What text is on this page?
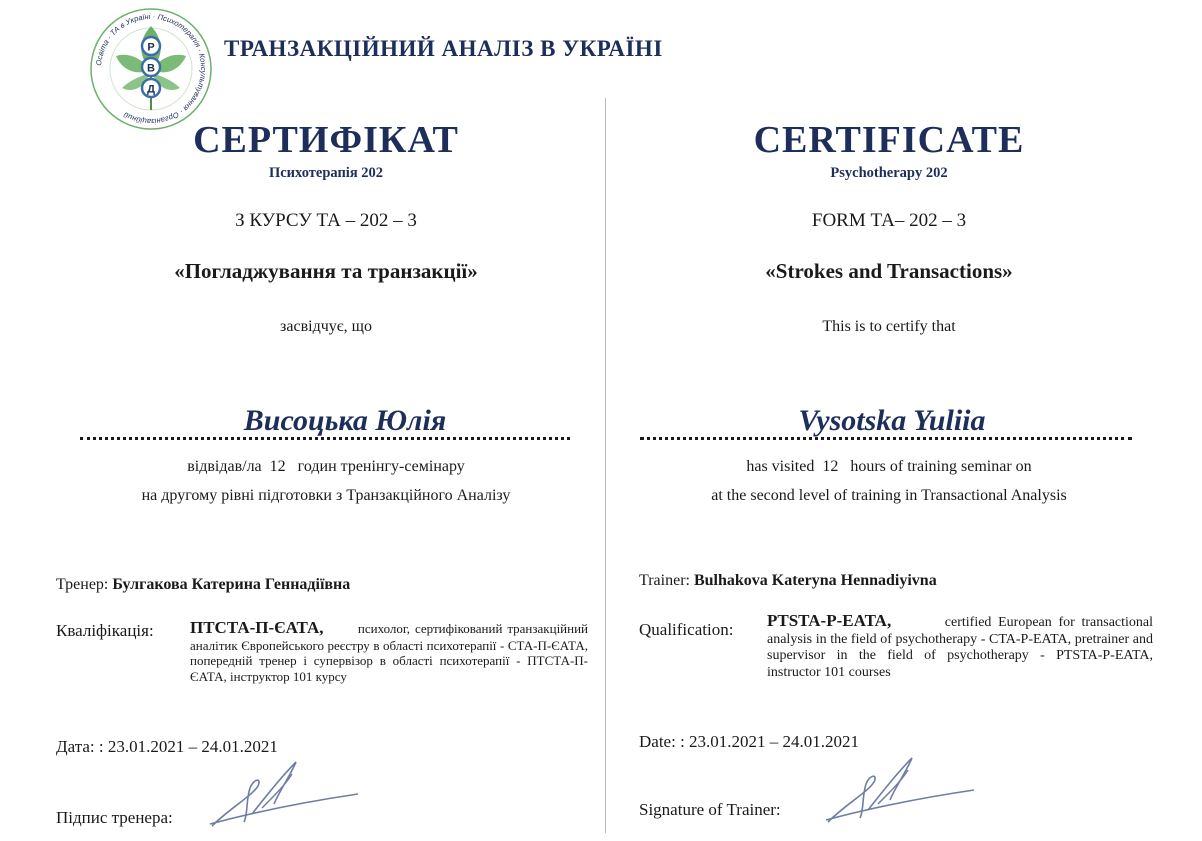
Р
В
Д
Освіта · ТА в Україні · Психотерапія · Консультування · Організаційний
ТРАНЗАКЦІЙНИЙ АНАЛІЗ В УКРАЇНІ
СЕРТИФІКАТ
Психотерапія 202
З КУРСУ ТА – 202 – 3
«Погладжування та транзакції»
засвідчує, що
Висоцька Юлія
відвідав/ла 12 годин тренінгу-семінару
на другому рівні підготовки з Транзакційного Аналізу
Тренер: Булгакова Катерина Геннадіївна
Кваліфікація: ПТСТА-П-ЄАТА,	психолог, сертифікований транзакційний аналітик Європейського реєстру в області психотерапії - СТА-П-ЄАТА, попередній тренер і супервізор в області психотерапії - ПТСТА-П-ЄАТА, інструктор 101 курсу
Дата: : 23.01.2021 – 24.01.2021
Підпис тренера:
CERTIFICATE
Psychotherapy 202
FORM ТА– 202 – 3
«Strokes and Transactions»
This is to certify that
Vysotska Yuliia
has visited 12 hours of training seminar on
at the second level of training in Transactional Analysis
Trainer: Bulhakova Kateryna Hennadiyivna
Qualification: PTSTA-P-EATA,	certified European for transactional analysis in the field of psychotherapy - CTA-P-EATA, pretrainer and supervisor in the field of psychotherapy - PTSTA-P-EATA, instructor 101 courses
Date: : 23.01.2021 – 24.01.2021
Signature of Trainer:
